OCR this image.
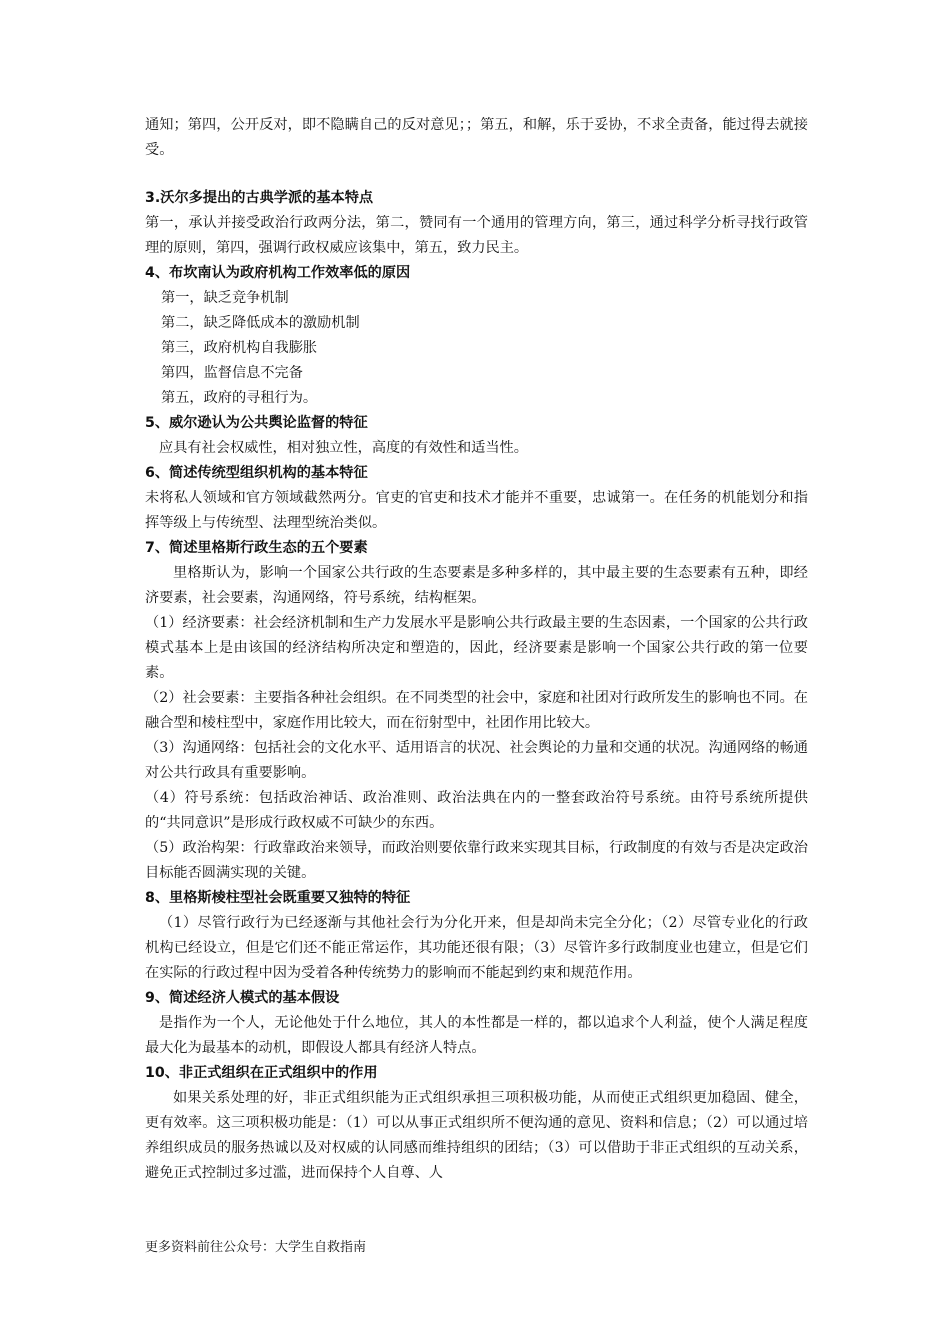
通知；第四，公开反对，即不隐瞒自己的反对意见；；第五，和解，乐于妥协，不求全责备，能过得去就接受。

3.沃尔多提出的古典学派的基本特点

第一，承认并接受政治行政两分法，第二，赞同有一个通用的管理方向，第三，通过科学分析寻找行政管理的原则，第四，强调行政权威应该集中，第五，致力民主。

4、布坎南认为政府机构工作效率低的原因

第一，缺乏竞争机制

第二，缺乏降低成本的激励机制

第三，政府机构自我膨胀

第四，监督信息不完备

第五，政府的寻租行为。

5、威尔逊认为公共舆论监督的特征

应具有社会权威性，相对独立性，高度的有效性和适当性。

6、简述传统型组织机构的基本特征

未将私人领域和官方领域截然两分。官吏的官吏和技术才能并不重要，忠诚第一。在任务的机能划分和指挥等级上与传统型、法理型统治类似。

7、简述里格斯行政生态的五个要素

里格斯认为，影响一个国家公共行政的生态要素是多种多样的，其中最主要的生态要素有五种，即经济要素，社会要素，沟通网络，符号系统，结构框架。

（1）经济要素：社会经济机制和生产力发展水平是影响公共行政最主要的生态因素，一个国家的公共行政模式基本上是由该国的经济结构所决定和塑造的，因此，经济要素是影响一个国家公共行政的第一位要素。

（2）社会要素：主要指各种社会组织。在不同类型的社会中，家庭和社团对行政所发生的影响也不同。在融合型和棱柱型中，家庭作用比较大，而在衍射型中，社团作用比较大。

（3）沟通网络：包括社会的文化水平、适用语言的状况、社会舆论的力量和交通的状况。沟通网络的畅通对公共行政具有重要影响。

（4）符号系统：包括政治神话、政治准则、政治法典在内的一整套政治符号系统。由符号系统所提供的“共同意识”是形成行政权威不可缺少的东西。

（5）政治构架：行政靠政治来领导，而政治则要依靠行政来实现其目标，行政制度的有效与否是决定政治目标能否圆满实现的关键。

8、里格斯棱柱型社会既重要又独特的特征

（1）尽管行政行为已经逐渐与其他社会行为分化开来，但是却尚未完全分化；（2）尽管专业化的行政机构已经设立，但是它们还不能正常运作，其功能还很有限；（3）尽管许多行政制度业也建立，但是它们在实际的行政过程中因为受着各种传统势力的影响而不能起到约束和规范作用。

9、简述经济人模式的基本假设

是指作为一个人，无论他处于什么地位，其人的本性都是一样的，都以追求个人利益，使个人满足程度最大化为最基本的动机，即假设人都具有经济人特点。

10、非正式组织在正式组织中的作用

如果关系处理的好，非正式组织能为正式组织承担三项积极功能，从而使正式组织更加稳固、健全，更有效率。这三项积极功能是：（1）可以从事正式组织所不便沟通的意见、资料和信息；（2）可以通过培养组织成员的服务热诚以及对权威的认同感而维持组织的团结；（3）可以借助于非正式组织的互动关系，避免正式控制过多过滥，进而保持个人自尊、人

更多资料前往公众号：大学生自救指南
